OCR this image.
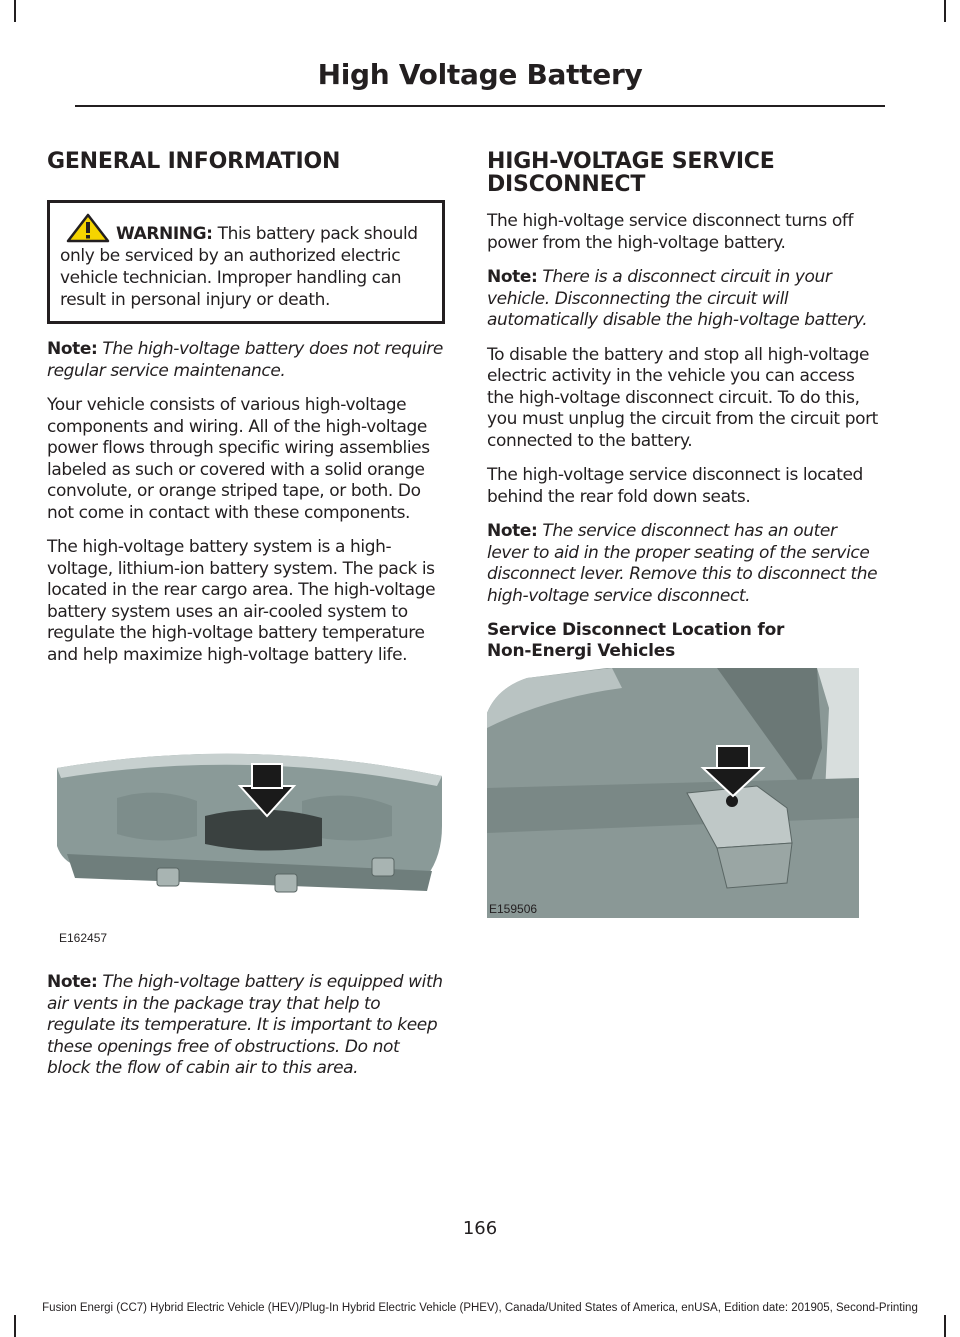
High Voltage Battery
GENERAL INFORMATION

WARNING: This battery pack should only be serviced by an authorized electric vehicle technician. Improper handling can result in personal injury or death.

Note: The high-voltage battery does not require regular service maintenance.

Your vehicle consists of various high-voltage components and wiring. All of the high-voltage power flows through specific wiring assemblies labeled as such or covered with a solid orange convolute, or orange striped tape, or both. Do not come in contact with these components.

The high-voltage battery system is a high-voltage, lithium-ion battery system. The pack is located in the rear cargo area. The high-voltage battery system uses an air-cooled system to regulate the high-voltage battery temperature and help maximize high-voltage battery life.

E162457

Note: The high-voltage battery is equipped with air vents in the package tray that help to regulate its temperature. It is important to keep these openings free of obstructions. Do not block the flow of cabin air to this area.

HIGH-VOLTAGE SERVICE DISCONNECT

The high-voltage service disconnect turns off power from the high-voltage battery.

Note: There is a disconnect circuit in your vehicle. Disconnecting the circuit will automatically disable the high-voltage battery.

To disable the battery and stop all high-voltage electric activity in the vehicle you can access the high-voltage disconnect circuit. To do this, you must unplug the circuit from the circuit port connected to the battery.

The high-voltage service disconnect is located behind the rear fold down seats.

Note: The service disconnect has an outer lever to aid in the proper seating of the service disconnect lever. Remove this to disconnect the high-voltage service disconnect.

Service Disconnect Location for Non-Energi Vehicles
E159506
166
Fusion Energi (CC7) Hybrid Electric Vehicle (HEV)/Plug-In Hybrid Electric Vehicle (PHEV), Canada/United States of America, enUSA, Edition date: 201905, Second-Printing
